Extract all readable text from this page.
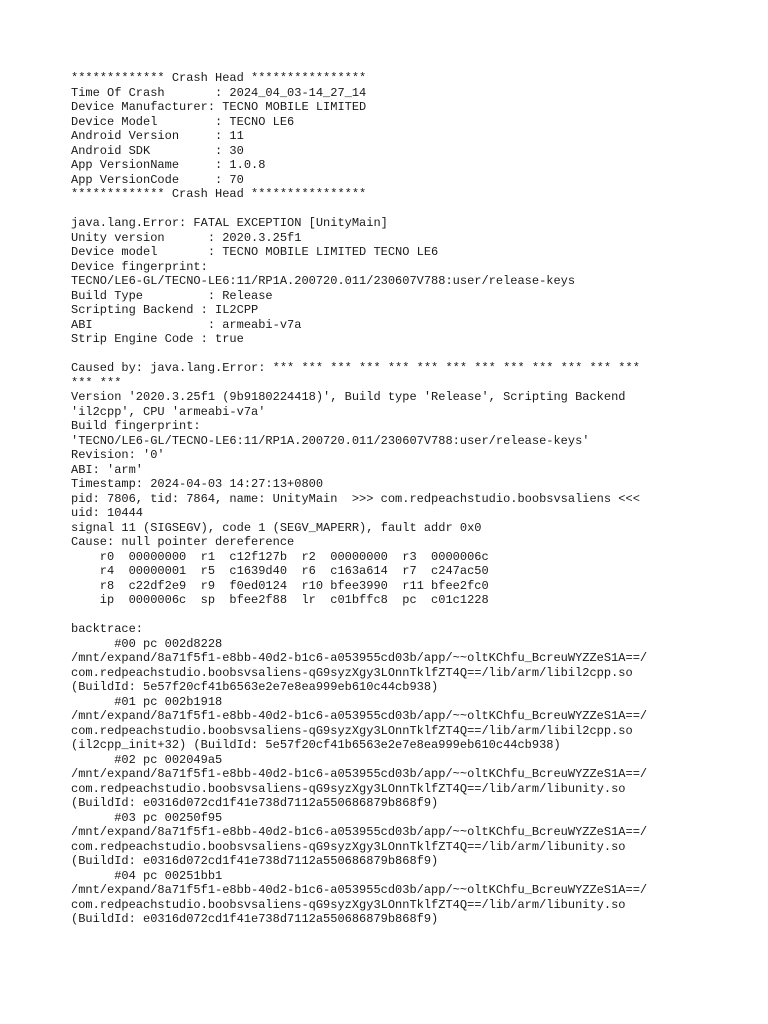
************* Crash Head ****************
Time Of Crash       : 2024_04_03-14_27_14
Device Manufacturer: TECNO MOBILE LIMITED
Device Model        : TECNO LE6
Android Version     : 11
Android SDK         : 30
App VersionName     : 1.0.8
App VersionCode     : 70
************* Crash Head ****************
java.lang.Error: FATAL EXCEPTION [UnityMain]
Unity version      : 2020.3.25f1
Device model       : TECNO MOBILE LIMITED TECNO LE6
Device fingerprint:
TECNO/LE6-GL/TECNO-LE6:11/RP1A.200720.011/230607V788:user/release-keys
Build Type         : Release
Scripting Backend : IL2CPP
ABI                : armeabi-v7a
Strip Engine Code : true
Caused by: java.lang.Error: *** *** *** *** *** *** *** *** *** *** *** *** ***
*** ***
Version '2020.3.25f1 (9b9180224418)', Build type 'Release', Scripting Backend
'il2cpp', CPU 'armeabi-v7a'
Build fingerprint:
'TECNO/LE6-GL/TECNO-LE6:11/RP1A.200720.011/230607V788:user/release-keys'
Revision: '0'
ABI: 'arm'
Timestamp: 2024-04-03 14:27:13+0800
pid: 7806, tid: 7864, name: UnityMain  >>> com.redpeachstudio.boobsvsaliens <<<
uid: 10444
signal 11 (SIGSEGV), code 1 (SEGV_MAPERR), fault addr 0x0
Cause: null pointer dereference
r0  00000000  r1  c12f127b  r2  00000000  r3  0000006c
r4  00000001  r5  c1639d40  r6  c163a614  r7  c247ac50
r8  c22df2e9  r9  f0ed0124  r10 bfee3990  r11 bfee2fc0
ip  0000006c  sp  bfee2f88  lr  c01bffc8  pc  c01c1228
backtrace:
#00 pc 002d8228
/mnt/expand/8a71f5f1-e8bb-40d2-b1c6-a053955cd03b/app/~~oltKChfu_BcreuWYZZeS1A==/
com.redpeachstudio.boobsvsaliens-qG9syzXgy3LOnnTklfZT4Q==/lib/arm/libil2cpp.so
(BuildId: 5e57f20cf41b6563e2e7e8ea999eb610c44cb938)
#01 pc 002b1918
/mnt/expand/8a71f5f1-e8bb-40d2-b1c6-a053955cd03b/app/~~oltKChfu_BcreuWYZZeS1A==/
com.redpeachstudio.boobsvsaliens-qG9syzXgy3LOnnTklfZT4Q==/lib/arm/libil2cpp.so
(il2cpp_init+32) (BuildId: 5e57f20cf41b6563e2e7e8ea999eb610c44cb938)
#02 pc 002049a5
/mnt/expand/8a71f5f1-e8bb-40d2-b1c6-a053955cd03b/app/~~oltKChfu_BcreuWYZZeS1A==/
com.redpeachstudio.boobsvsaliens-qG9syzXgy3LOnnTklfZT4Q==/lib/arm/libunity.so
(BuildId: e0316d072cd1f41e738d7112a550686879b868f9)
#03 pc 00250f95
/mnt/expand/8a71f5f1-e8bb-40d2-b1c6-a053955cd03b/app/~~oltKChfu_BcreuWYZZeS1A==/
com.redpeachstudio.boobsvsaliens-qG9syzXgy3LOnnTklfZT4Q==/lib/arm/libunity.so
(BuildId: e0316d072cd1f41e738d7112a550686879b868f9)
#04 pc 00251bb1
/mnt/expand/8a71f5f1-e8bb-40d2-b1c6-a053955cd03b/app/~~oltKChfu_BcreuWYZZeS1A==/
com.redpeachstudio.boobsvsaliens-qG9syzXgy3LOnnTklfZT4Q==/lib/arm/libunity.so
(BuildId: e0316d072cd1f41e738d7112a550686879b868f9)
